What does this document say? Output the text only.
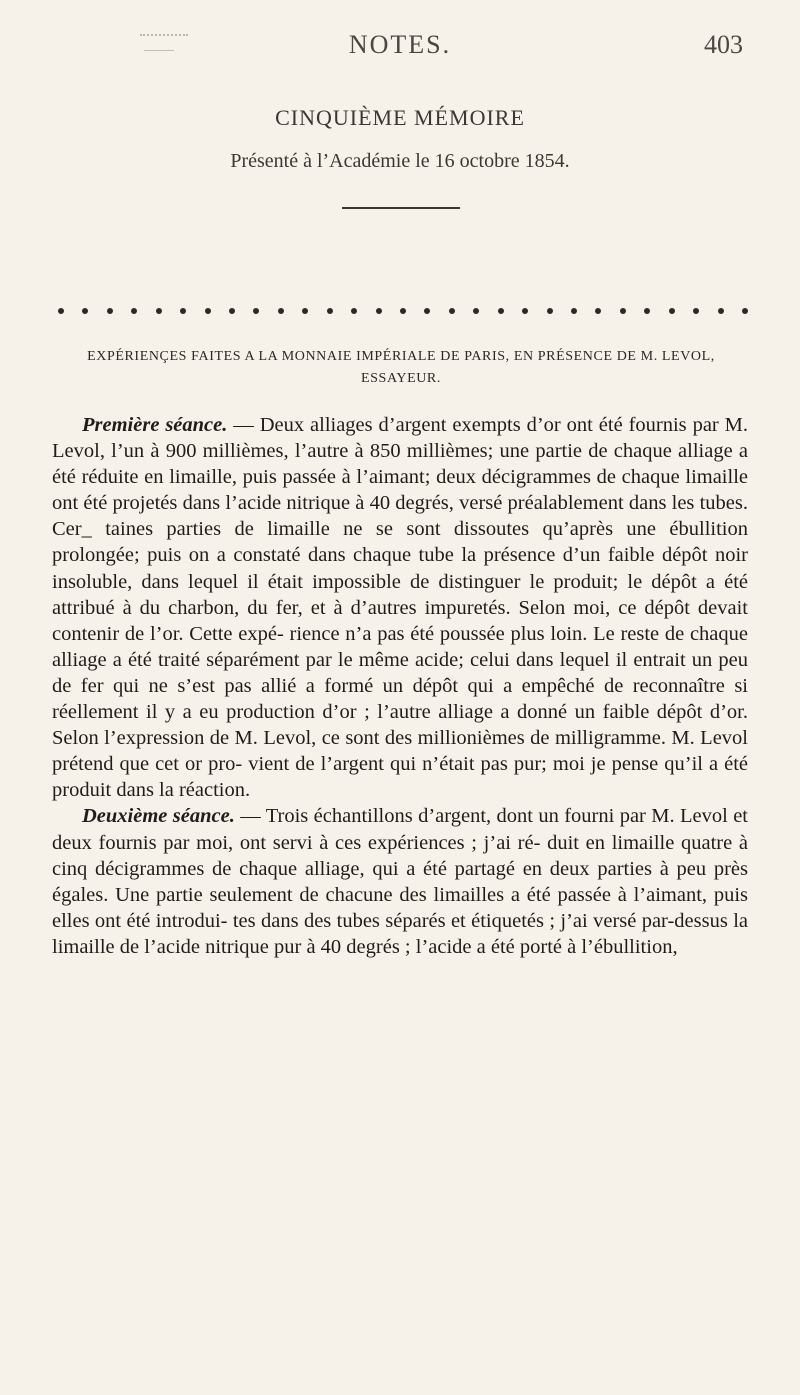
NOTES.	403
CINQUIÈME MÉMOIRE
Présenté à l’Académie le 16 octobre 1854.
EXPÉRIENÇES FAITES A LA MONNAIE IMPÉRIALE DE PARIS, EN PRÉSENCE DE M. LEVOL, ESSAYEUR.

Première séance. — Deux alliages d’argent exempts d’or ont été fournis par M. Levol, l’un à 900 millièmes, l’autre à 850 millièmes; une partie de chaque alliage a été réduite en limaille, puis passée à l’aimant; deux décigrammes de chaque limaille ont été projetés dans l’acide nitrique à 40 degrés, versé préalablement dans les tubes. Cer_ taines parties de limaille ne se sont dissoutes qu’après une ébullition prolongée; puis on a constaté dans chaque tube la présence d’un faible dépôt noir insoluble, dans lequel il était impossible de distinguer le produit; le dépôt a été attribué à du charbon, du fer, et à d’autres impuretés. Selon moi, ce dépôt devait contenir de l’or. Cette expé- rience n’a pas été poussée plus loin. Le reste de chaque alliage a été traité séparément par le même acide; celui dans lequel il entrait un peu de fer qui ne s’est pas allié a formé un dépôt qui a empêché de reconnaître si réellement il y a eu production d’or ; l’autre alliage a donné un faible dépôt d’or. Selon l’expression de M. Levol, ce sont des millionièmes de milligramme. M. Levol prétend que cet or pro- vient de l’argent qui n’était pas pur; moi je pense qu’il a été produit dans la réaction.

Deuxième séance. — Trois échantillons d’argent, dont un fourni par M. Levol et deux fournis par moi, ont servi à ces expériences ; j’ai ré- duit en limaille quatre à cinq décigrammes de chaque alliage, qui a été partagé en deux parties à peu près égales. Une partie seulement de chacune des limailles a été passée à l’aimant, puis elles ont été introdui- tes dans des tubes séparés et étiquetés ; j’ai versé par-dessus la limaille de l’acide nitrique pur à 40 degrés ; l’acide a été porté à l’ébullition,
